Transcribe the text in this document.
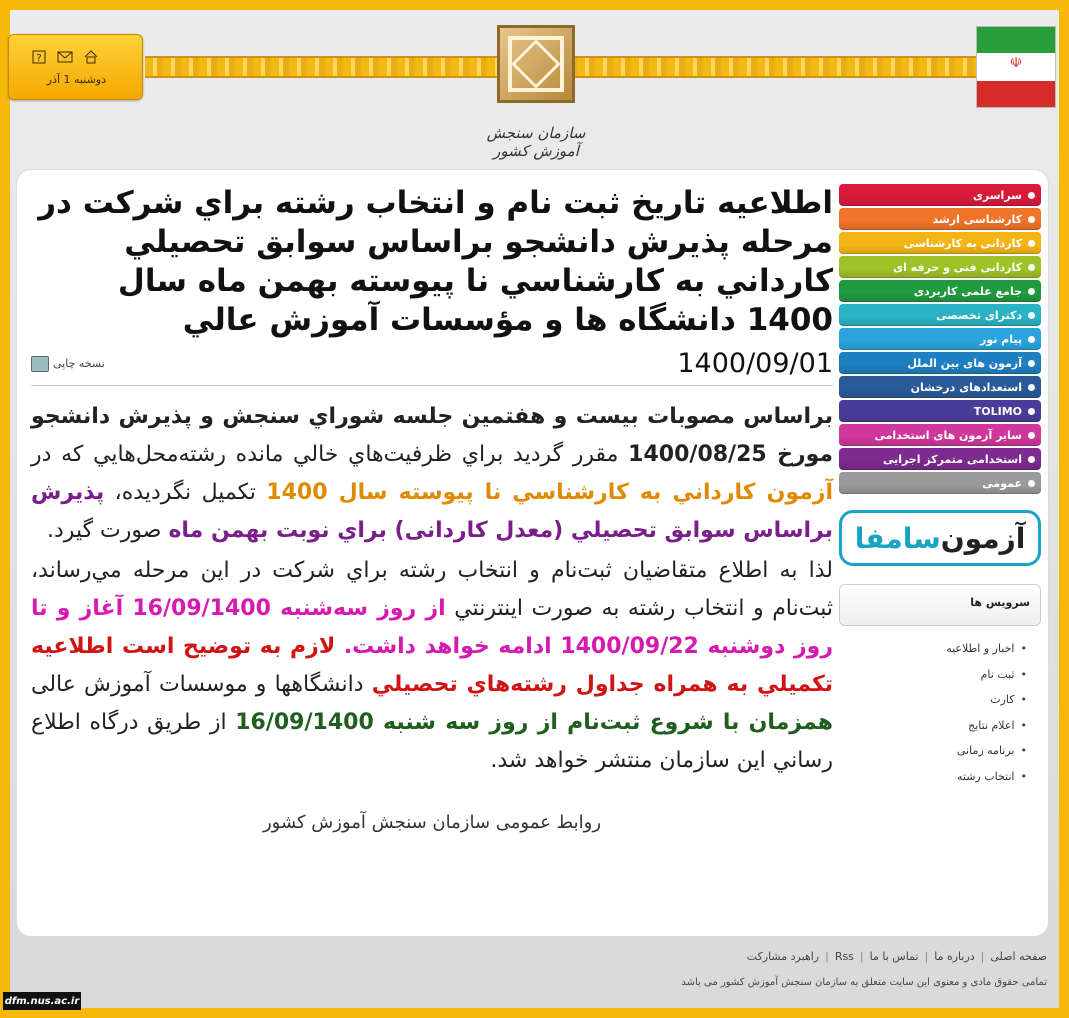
?
دوشنبه 1 آذر
سازمان سنجش آموزش کشور
☫
اطلاعيه تاريخ ثبت نام و انتخاب رشته براي شركت در مرحله پذيرش دانشجو براساس سوابق تحصيلي كارداني به كارشناسي نا پيوسته بهمن ماه سال 1400 دانشگاه ها و مؤسسات آموزش عالي
1400/09/01
نسخه چاپی

براساس مصوبات بيست و هفتمين جلسه شوراي سنجش و پذيرش دانشجو مورخ 1400/08/25 مقرر گرديد براي ظرفيت‌هاي خالي مانده رشته‌محل‌هايي كه در آزمون كارداني به كارشناسي نا پيوسته سال 1400 تكميل نگرديده، پذيرش براساس سوابق تحصيلي (معدل کاردانی) براي نوبت بهمن ماه صورت گيرد.

لذا به اطلاع متقاضيان ثبت‌نام و انتخاب رشته براي شركت در اين مرحله مي‌رساند، ثبت‌نام و انتخاب رشته به صورت اينترنتي از روز سه‌شنبه 16/09/1400 آغاز و تا روز دوشنبه 1400/09/22 ادامه خواهد داشت. لازم به توضيح است اطلاعيه تكميلي به همراه جداول رشته‌هاي تحصيلي دانشگاهها و موسسات آموزش عالی همزمان با شروع ثبت‌نام از روز سه شنبه 16/09/1400 از طريق درگاه اطلاع رساني اين سازمان منتشر خواهد شد.

روابط عمومی سازمان سنجش آموزش کشور
سراسری
کارشناسی ارشد
کاردانی به کارشناسی
کاردانی فنی و حرفه ای
جامع علمی کاربردی
دکترای تخصصی
پیام نور
آزمون های بین الملل
استعدادهای درخشان
TOLIMO
سایر آزمون های استخدامی
استخدامی متمرکز اجرایی
عمومی
آزمون
سامفا
سرویس ها
• اخبار و اطلاعیه
• ثبت نام
• کارت
• اعلام نتایج
• برنامه زمانی
• انتخاب رشته
صفحه اصلی
|
درباره ما
|
تماس با ما
|
Rss
|
راهبرد مشارکت
تمامی حقوق مادی و معنوی این سایت متعلق به سازمان سنجش آموزش کشور می باشد
dfm.nus.ac.ir
